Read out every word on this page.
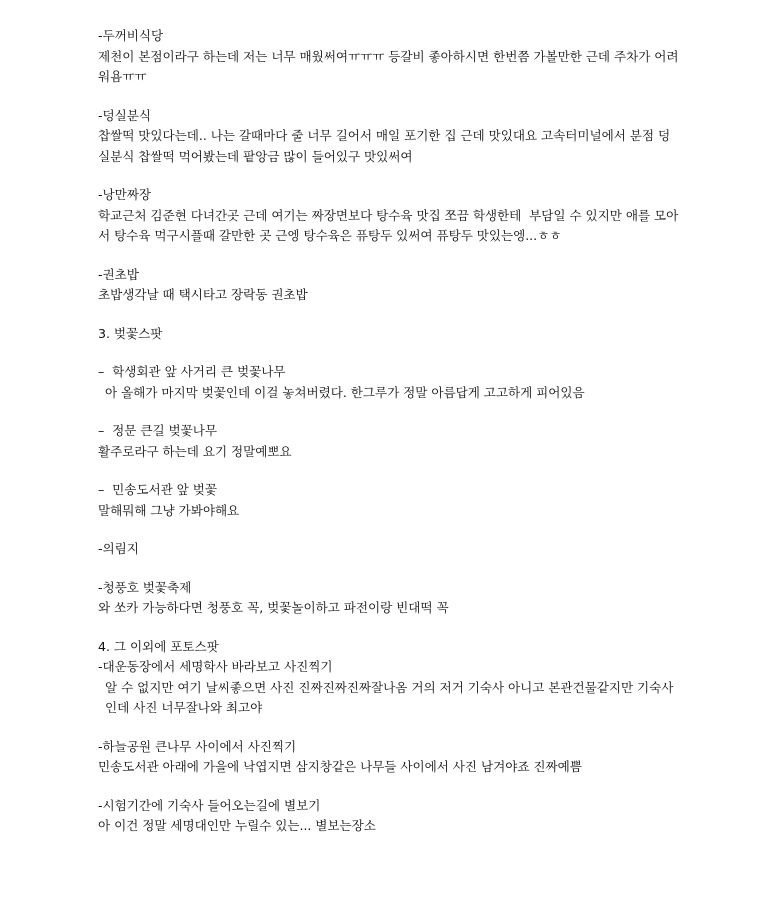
-두꺼비식당
제천이 본점이라구 하는데 저는 너무 매웠써여ㅠㅠㅠ 등갈비 좋아하시면 한번쯤 가볼만한 근데 주차가 어려워욤ㅠㅠ
-덩실분식
찹쌀떡 맛있다는데.. 나는 갈때마다 줄 너무 길어서 매일 포기한 집 근데 맛있대요 고속터미널에서 분점 덩실분식 찹쌀떡 먹어봤는데 팥앙금 많이 들어있구 맛있써여
-낭만짜장
학교근처 김준현 다녀간곳 근데 여기는 짜장면보다 탕수육 맛집 쪼끔 학생한테  부담일 수 있지만 애를 모아서 탕수육 먹구시플때 갈만한 곳 근엥 탕수육은 퓨탕두 있써여 퓨탕두 맛있는엥...ㅎㅎ
-권초밥
초밥생각날 때 택시타고 장락동 권초밥
3. 벚꽃스팟
–  학생회관 앞 사거리 큰 벚꽃나무
아 올해가 마지막 벚꽃인데 이걸 놓쳐버렸다. 한그루가 정말 아름답게 고고하게 피어있음
–  정문 큰길 벚꽃나무
활주로라구 하는데 요기 정말예뽀요
–  민송도서관 앞 벚꽃
말해뭐해 그냥 가봐야해요
-의림지
-청풍호 벚꽃축제
와 쏘카 가능하다면 청풍호 꼭, 벚꽃놀이하고 파전이랑 빈대떡 꼭
4. 그 이외에 포토스팟
-대운동장에서 세명학사 바라보고 사진찍기
알 수 없지만 여기 날씨좋으면 사진 진짜진짜진짜잘나옴 거의 저거 기숙사 아니고 본관건물같지만 기숙사인데 사진 너무잘나와 최고야
-하늘공원 큰나무 사이에서 사진찍기
민송도서관 아래에 가을에 낙엽지면 삼지창같은 나무들 사이에서 사진 남겨야죠 진짜예쁨
-시험기간에 기숙사 들어오는길에 별보기
아 이건 정말 세명대인만 누릴수 있는... 별보는장소
